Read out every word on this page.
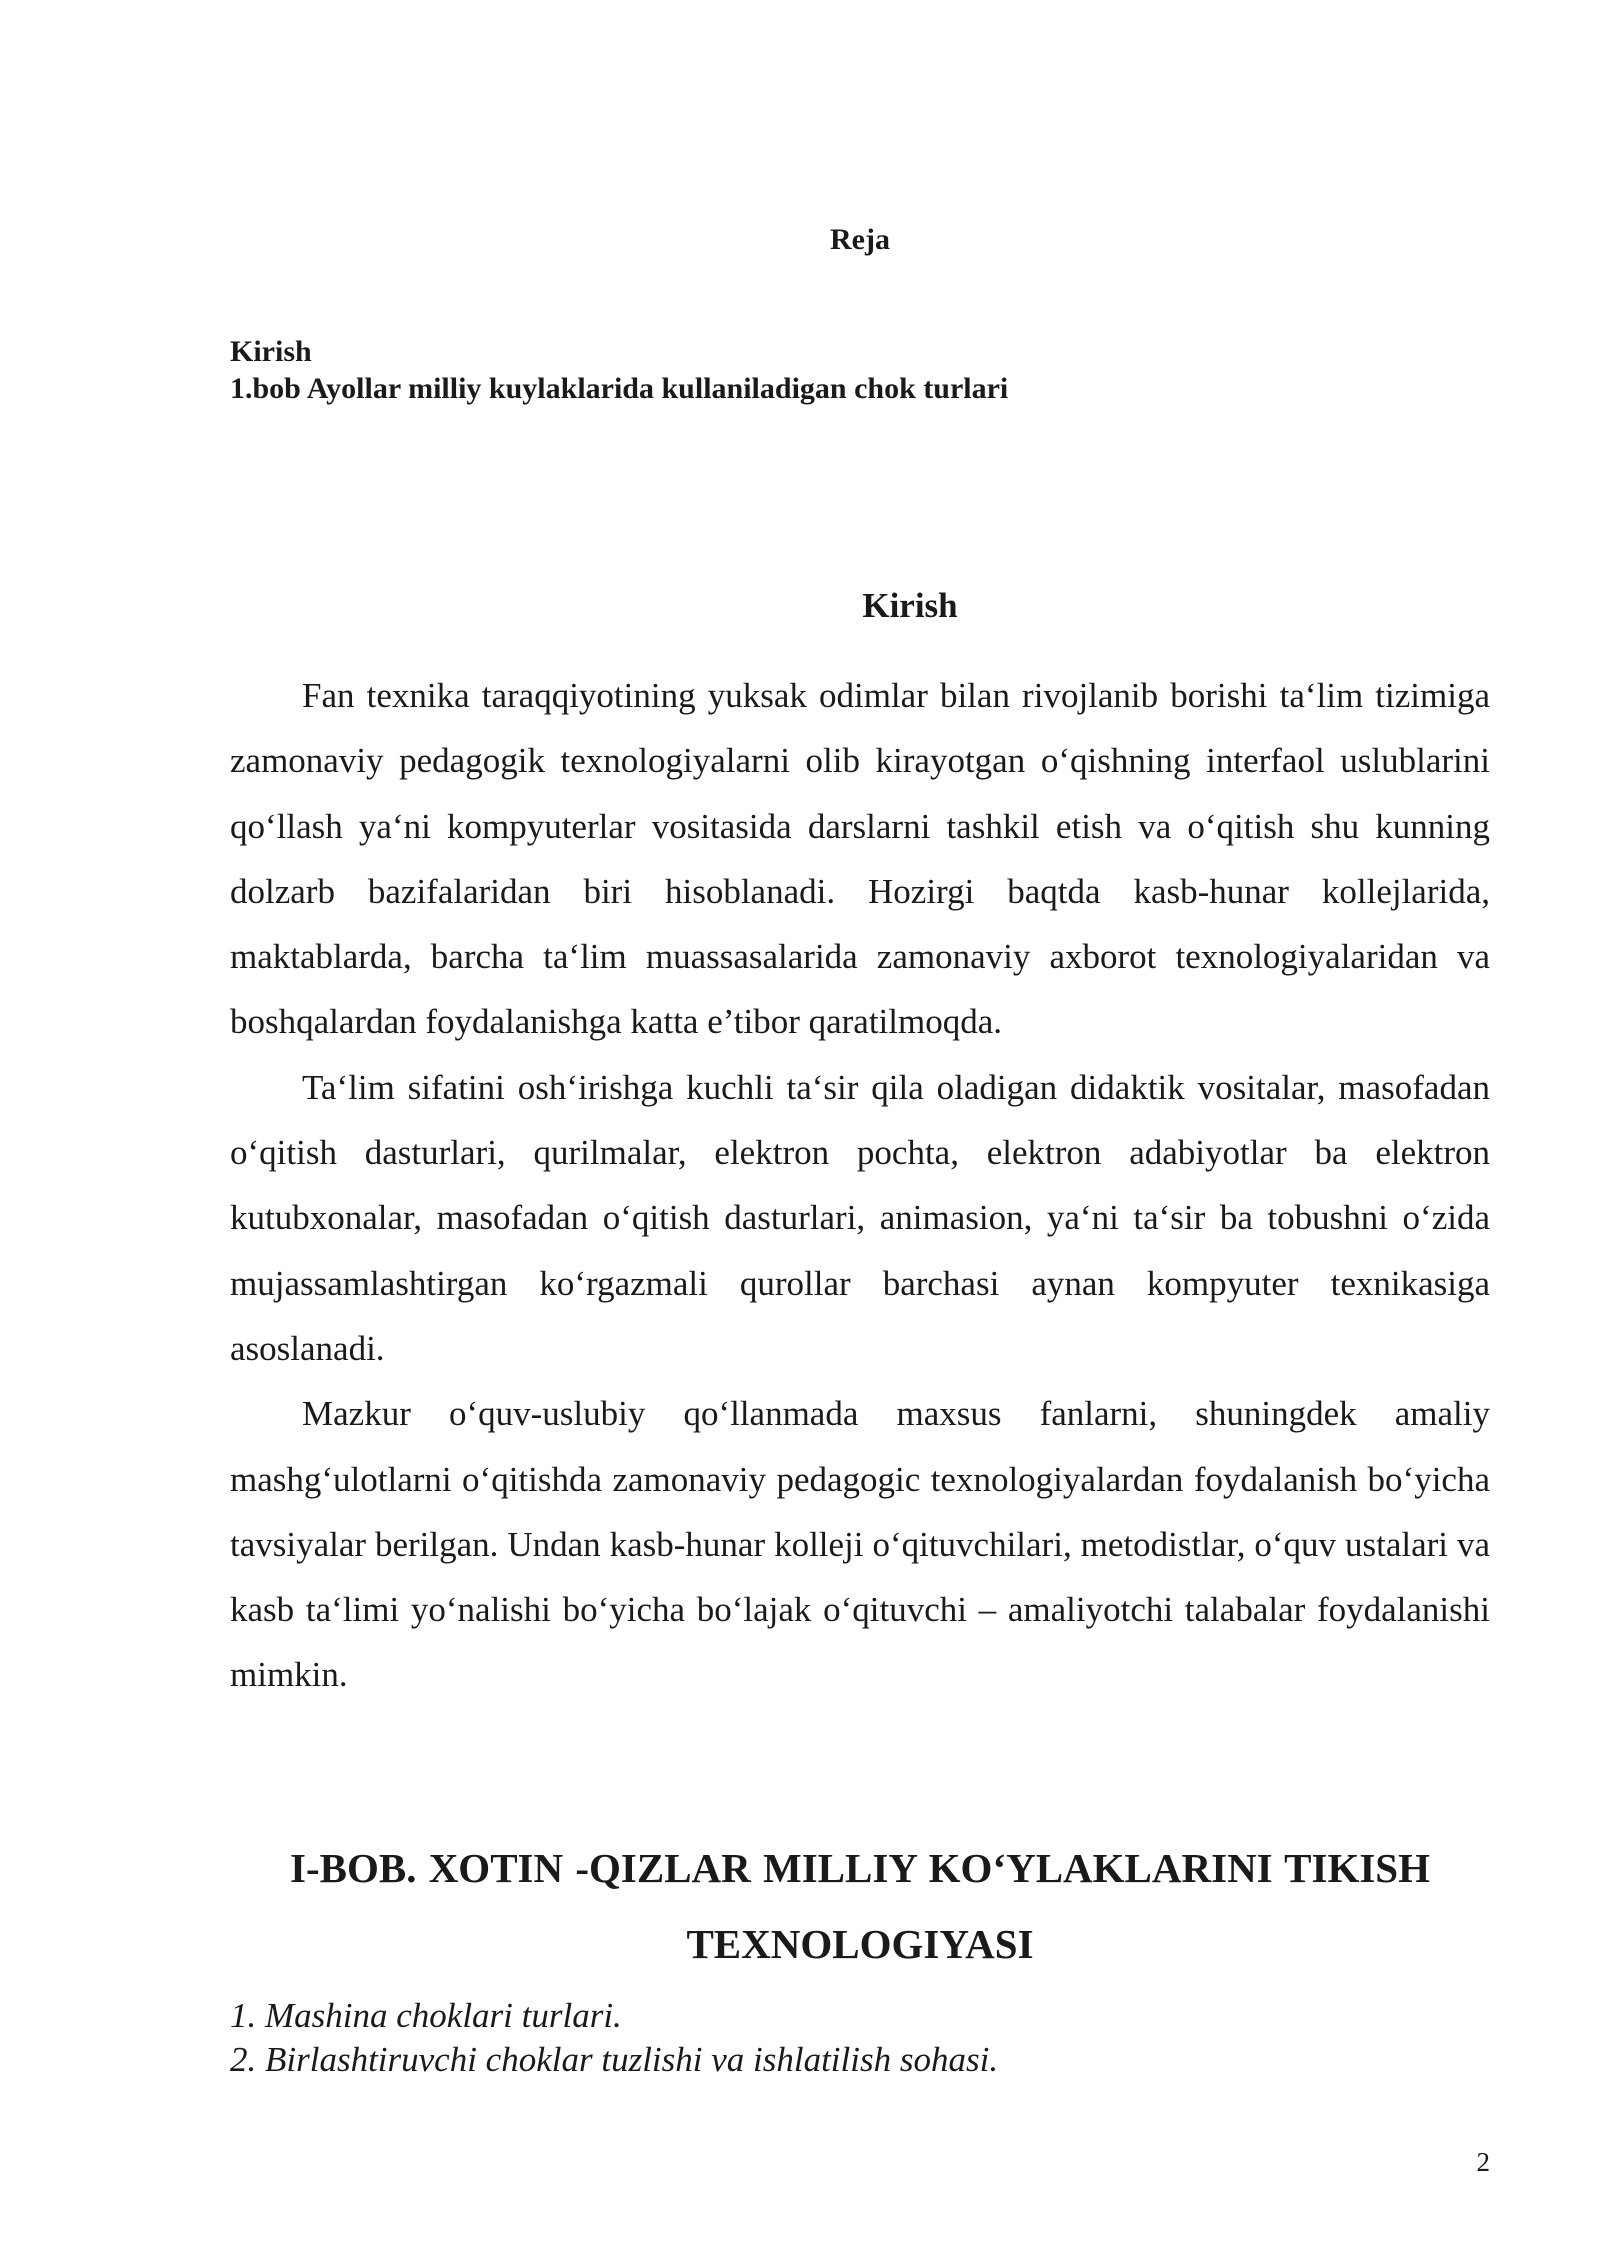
Reja
Kirish
1.bob Ayollar milliy kuylaklarida kullaniladigan chok turlari
Kirish

Fan texnika taraqqiyotining yuksak odimlar bilan rivojlanib borishi ta‘lim tizimiga zamonaviy pedagogik texnologiyalarni olib kirayotgan o‘qishning interfaol uslublarini qo‘llash ya‘ni kompyuterlar vositasida darslarni tashkil etish va o‘qitish shu kunning dolzarb bazifalaridan biri hisoblanadi. Hozirgi baqtda kasb-hunar kollejlarida, maktablarda, barcha ta‘lim muassasalarida zamonaviy axborot texnologiyalaridan va boshqalardan foydalanishga katta e’tibor qaratilmoqda.

Ta‘lim sifatini osh‘irishga kuchli ta‘sir qila oladigan didaktik vositalar, masofadan o‘qitish dasturlari, qurilmalar, elektron pochta, elektron adabiyotlar ba elektron kutubxonalar, masofadan o‘qitish dasturlari, animasion, ya‘ni ta‘sir ba tobushni o‘zida mujassamlashtirgan ko‘rgazmali qurollar barchasi aynan kompyuter texnikasiga asoslanadi.

Mazkur o‘quv-uslubiy qo‘llanmada maxsus fanlarni, shuningdek amaliy mashg‘ulotlarni o‘qitishda zamonaviy pedagogic texnologiyalardan foydalanish bo‘yicha tavsiyalar berilgan. Undan kasb-hunar kolleji o‘qituvchilari, metodistlar, o‘quv ustalari va kasb ta‘limi yo‘nalishi bo‘yicha bo‘lajak o‘qituvchi – amaliyotchi talabalar foydalanishi mimkin.

I-BOB. XOTIN -QIZLAR MILLIY KO‘YLAKLARINI TIKISH
TEXNOLOGIYASI
1. Mashina choklari turlari.
2. Birlashtiruvchi choklar tuzlishi va ishlatilish sohasi.
2
